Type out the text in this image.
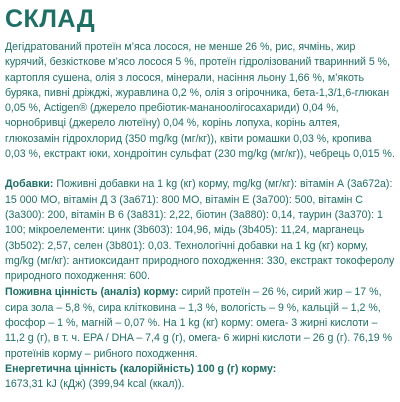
СКЛАД

Дегідратований протеїн м’яса лосося, не менше 26 %, рис, ячмінь, жир курячий, безкісткове м’ясо лосося 5 %, протеїн гідролізований тваринний 5 %, картопля сушена, олія з лосося, мінерали, насіння льону 1,66 %, м’якоть буряка, пивні дріжджі, журавлина 0,2 %, олія з огірочника, бета-1,3/1,6-глюкан 0,05 %, Actigen® (джерело пребіотик-мананоолігосахариди) 0,04 %, чорнобривці (джерело лютеїну) 0,04 %, корінь лопуха, корінь алтея, глюкозамін гідрохлорид (350 mg/kg (мг/кг)), квіти ромашки 0,03 %, кропива 0,03 %, екстракт юки, хондроітин сульфат (230 mg/kg (мг/кг)), чебрець 0,015 %.

Добавки: Поживні добавки на 1 kg (кг) корму, mg/kg (мг/кг): вітамін А (3а672а): 15 000 МО, вітамін Д 3 (3а671): 800 МО, вітамін Е (3а700): 500, вітамін С (3а300): 200, вітамін В 6 (3а831): 2,22, біотин (3а880): 0,14, таурин (3а370): 1 100; мікроелементи: цинк (3b603): 104,96, мідь (3b405): 11,24, марганець (3b502): 2,57, селен (3b801): 0,03. Технологічні добавки на 1 kg (кг) корму, mg/kg (мг/кг): антиоксидант природного походження: 330, екстракт токоферолу природного походження: 600.

Поживна цінність (аналіз) корму: сирий протеїн – 26 %, сирий жир – 17 %, сира зола – 5,8 %, сира клітковина – 1,3 %, вологість – 9 %, кальцій – 1,2 %, фосфор – 1 %, магній – 0,07 %. На 1 kg (кг) корму: омега- 3 жирні кислоти – 11,2 g (г), в т. ч. EPA / DHA – 7,4 g (г), омега- 6 жирні кислоти – 26 g (г). 76,19 % протеїнів корму – рибного походження.

Енергетична цінність (калорійність) 100 g (г) корму:
1673,31 kJ (кДж) (399,94 kcal (ккал)).
